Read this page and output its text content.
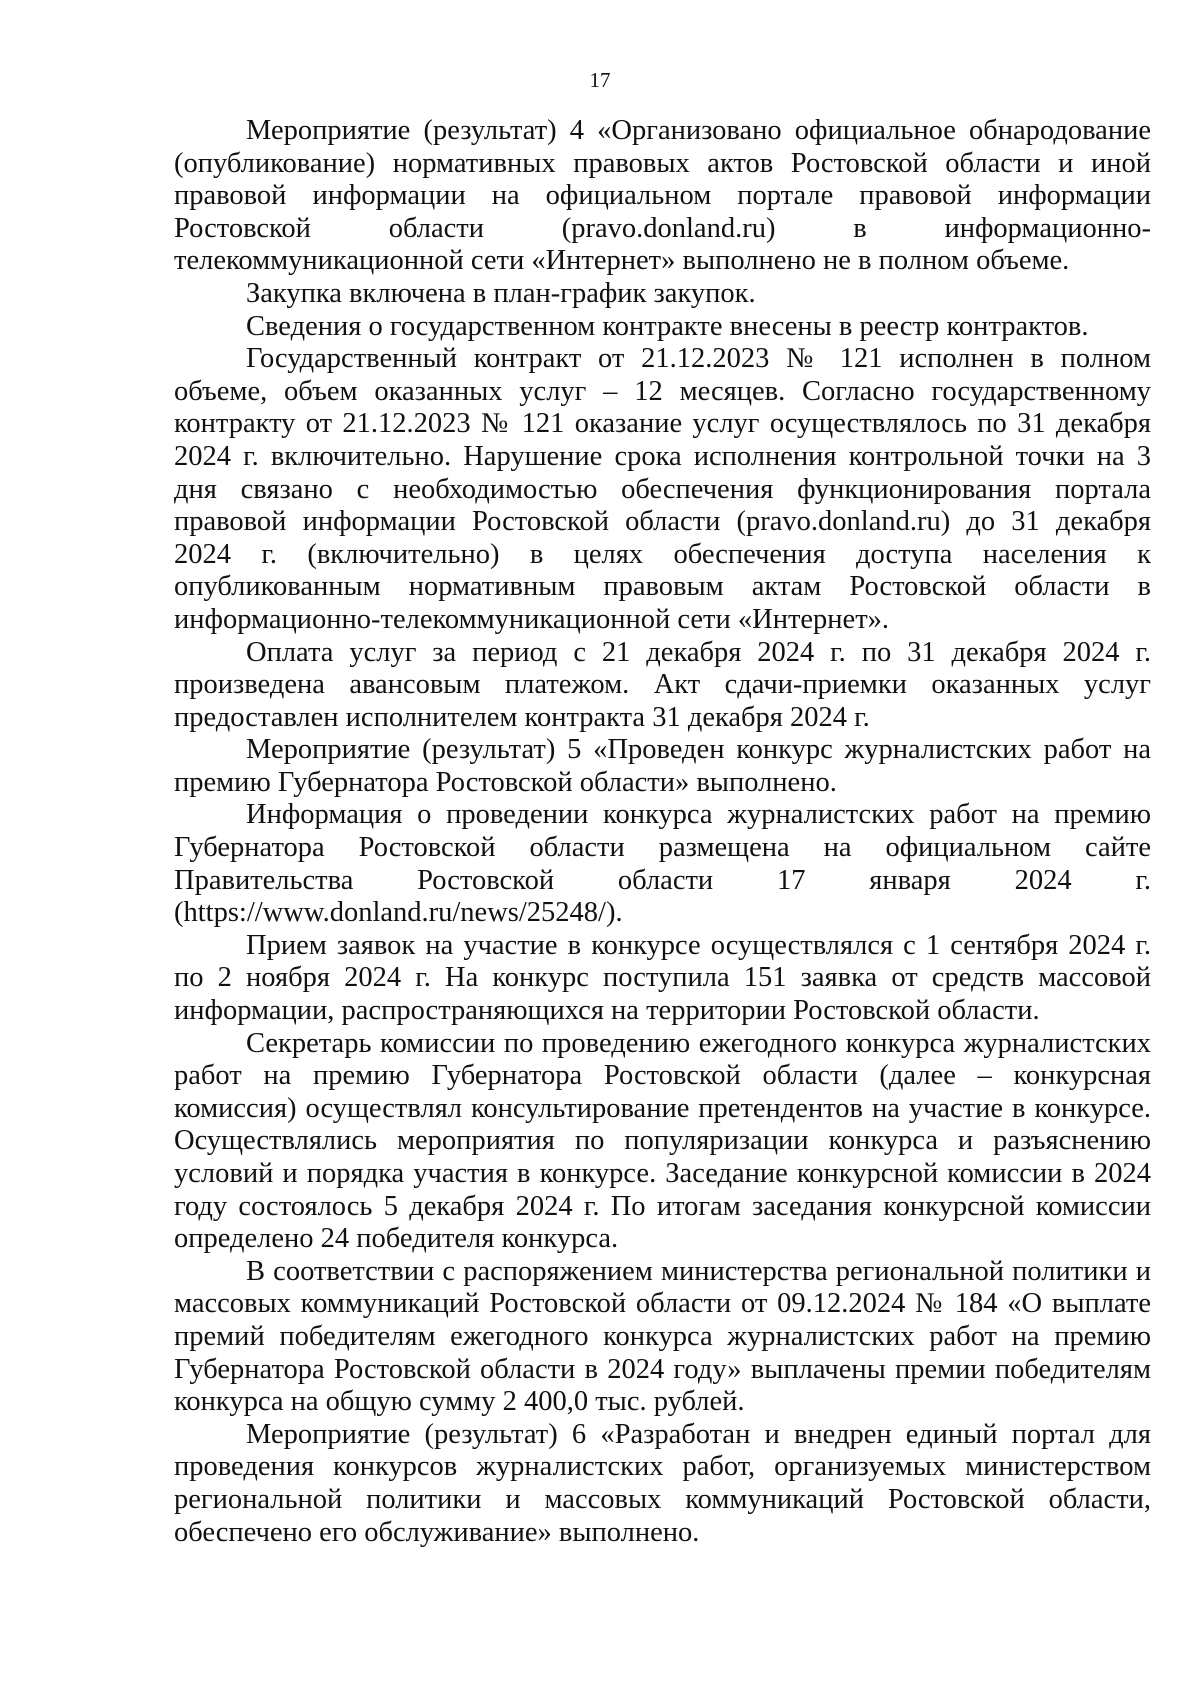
17

Мероприятие (результат) 4 «Организовано официальное обнародование (опубликование) нормативных правовых актов Ростовской области и иной правовой информации на официальном портале правовой информации Ростовской области (pravo.donland.ru) в информационно-телекоммуникационной сети «Интернет» выполнено не в полном объеме.

Закупка включена в план-график закупок.

Сведения о государственном контракте внесены в реестр контрактов.

Государственный контракт от 21.12.2023 № 121 исполнен в полном объеме, объем оказанных услуг – 12 месяцев. Согласно государственному контракту от 21.12.2023 № 121 оказание услуг осуществлялось по 31 декабря 2024 г. включительно. Нарушение срока исполнения контрольной точки на 3 дня связано с необходимостью обеспечения функционирования портала правовой информации Ростовской области (pravo.donland.ru) до 31 декабря 2024 г. (включительно) в целях обеспечения доступа населения к опубликованным нормативным правовым актам Ростовской области в информационно-телекоммуникационной сети «Интернет».

Оплата услуг за период с 21 декабря 2024 г. по 31 декабря 2024 г. произведена авансовым платежом. Акт сдачи-приемки оказанных услуг предоставлен исполнителем контракта 31 декабря 2024 г.

Мероприятие (результат) 5 «Проведен конкурс журналистских работ на премию Губернатора Ростовской области» выполнено.

Информация о проведении конкурса журналистских работ на премию Губернатора Ростовской области размещена на официальном сайте Правительства Ростовской области 17 января 2024 г. (https://www.donland.ru/news/25248/).

Прием заявок на участие в конкурсе осуществлялся с 1 сентября 2024 г. по 2 ноября 2024 г. На конкурс поступила 151 заявка от средств массовой информации, распространяющихся на территории Ростовской области.

Секретарь комиссии по проведению ежегодного конкурса журналистских работ на премию Губернатора Ростовской области (далее – конкурсная комиссия) осуществлял консультирование претендентов на участие в конкурсе. Осуществлялись мероприятия по популяризации конкурса и разъяснению условий и порядка участия в конкурсе. Заседание конкурсной комиссии в 2024 году состоялось 5 декабря 2024 г. По итогам заседания конкурсной комиссии определено 24 победителя конкурса.

В соответствии с распоряжением министерства региональной политики и массовых коммуникаций Ростовской области от 09.12.2024 № 184 «О выплате премий победителям ежегодного конкурса журналистских работ на премию Губернатора Ростовской области в 2024 году» выплачены премии победителям конкурса на общую сумму 2 400,0 тыс. рублей.

Мероприятие (результат) 6 «Разработан и внедрен единый портал для проведения конкурсов журналистских работ, организуемых министерством региональной политики и массовых коммуникаций Ростовской области, обеспечено его обслуживание» выполнено.
